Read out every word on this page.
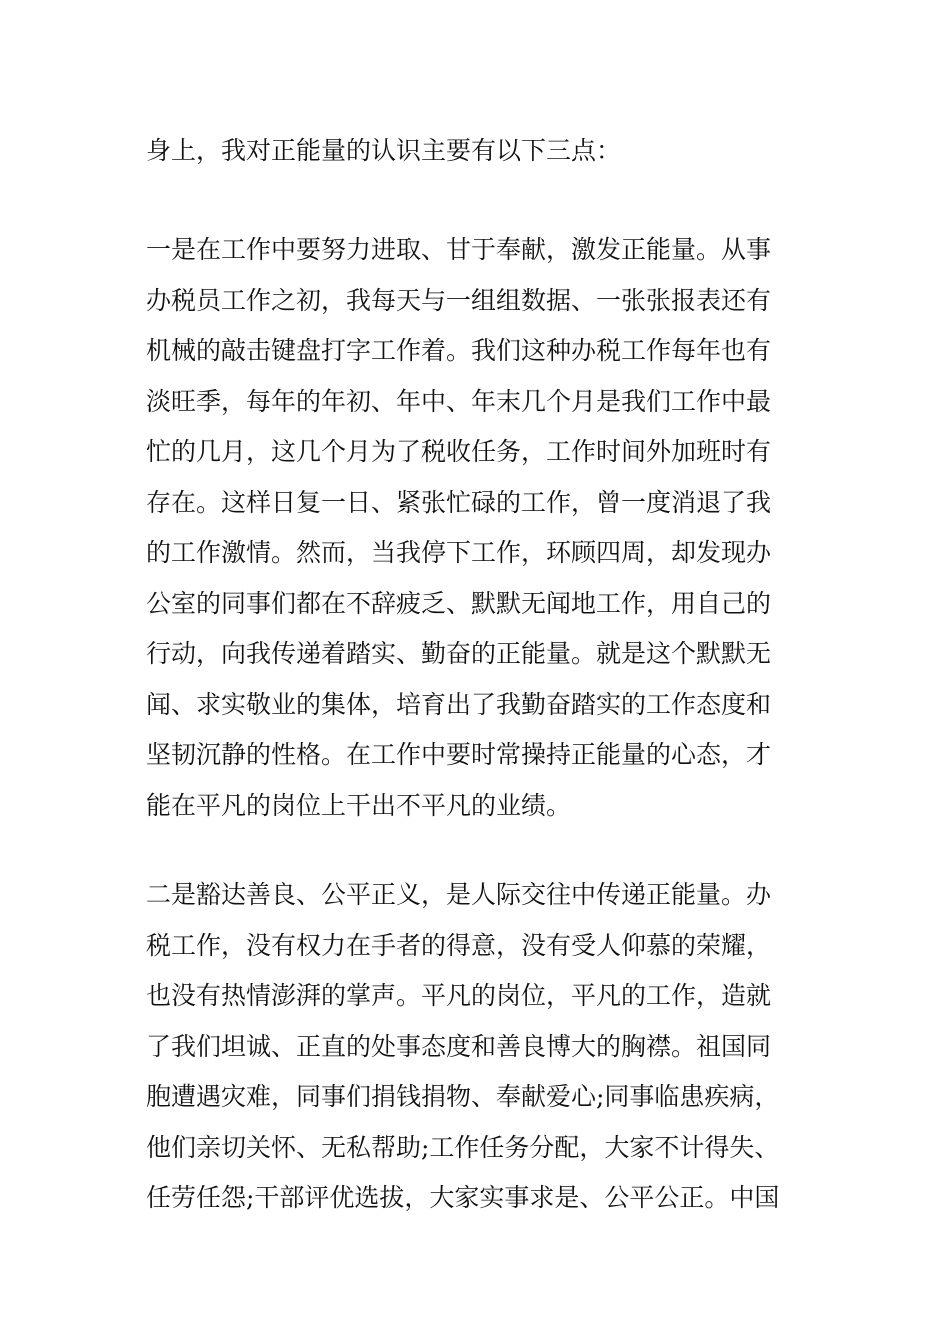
身上，我对正能量的认识主要有以下三点：
一是在工作中要努力进取、甘于奉献，激发正能量。从事
办税员工作之初，我每天与一组组数据、一张张报表还有
机械的敲击键盘打字工作着。我们这种办税工作每年也有
淡旺季，每年的年初、年中、年末几个月是我们工作中最
忙的几月，这几个月为了税收任务，工作时间外加班时有
存在。这样日复一日、紧张忙碌的工作，曾一度消退了我
的工作激情。然而，当我停下工作，环顾四周，却发现办
公室的同事们都在不辞疲乏、默默无闻地工作，用自己的
行动，向我传递着踏实、勤奋的正能量。就是这个默默无
闻、求实敬业的集体，培育出了我勤奋踏实的工作态度和
坚韧沉静的性格。在工作中要时常操持正能量的心态，才
能在平凡的岗位上干出不平凡的业绩。
二是豁达善良、公平正义，是人际交往中传递正能量。办
税工作，没有权力在手者的得意，没有受人仰慕的荣耀，
也没有热情澎湃的掌声。平凡的岗位，平凡的工作，造就
了我们坦诚、正直的处事态度和善良博大的胸襟。祖国同
胞遭遇灾难，同事们捐钱捐物、奉献爱心;同事临患疾病，
他们亲切关怀、无私帮助;工作任务分配，大家不计得失、
任劳任怨;干部评优选拔，大家实事求是、公平公正。中国
